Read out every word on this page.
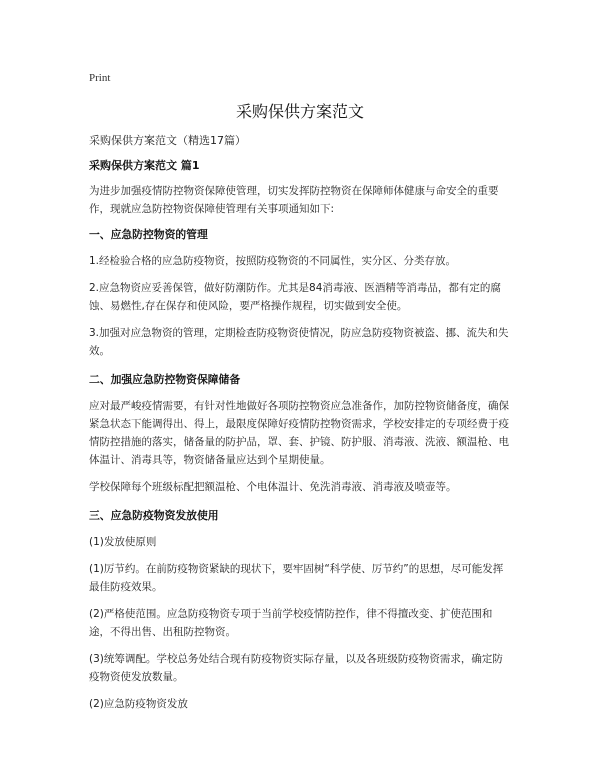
Print
采购保供方案范文
采购保供方案范文（精选17篇）
采购保供方案范文 篇1
为进步加强疫情防控物资保障使管理，切实发挥防控物资在保障师体健康与命安全的重要作，现就应急防控物资保障使管理有关事项通知如下:
一、应急防控物资的管理
1.经检验合格的应急防疫物资，按照防疫物资的不同属性，实分区、分类存放。
2.应急物资应妥善保管，做好防潮防作。尤其是84消毒液、医酒精等消毒品，都有定的腐蚀、易燃性,存在保存和使风险，要严格操作规程，切实做到安全使。
3.加强对应急物资的管理，定期检查防疫物资使情况，防应急防疫物资被盗、挪、流失和失效。
二、加强应急防控物资保障储备
应对最严峻疫情需要，有针对性地做好各项防控物资应急准备作，加防控物资储备度，确保紧急状态下能调得出、得上，最限度保障好疫情防控物资需求，学校安排定的专项经费于疫情防控措施的落实，储备量的防护品，罩、套、护镜、防护服、消毒液、洗液、额温枪、电体温计、消毒具等，物资储备量应达到个星期使量。
学校保障每个班级标配把额温枪、个电体温计、免洗消毒液、消毒液及喷壶等。
三、应急防疫物资发放使用
(1)发放使原则
(1)厉节约。在前防疫物资紧缺的现状下，要牢固树“科学使、厉节约”的思想，尽可能发挥最佳防疫效果。
(2)严格使范围。应急防疫物资专项于当前学校疫情防控作，律不得擅改变、扩使范围和途，不得出售、出租防控物资。
(3)统筹调配。学校总务处结合现有防疫物资实际存量，以及各班级防疫物资需求，确定防疫物资使发放数量。
(2)应急防疫物资发放
